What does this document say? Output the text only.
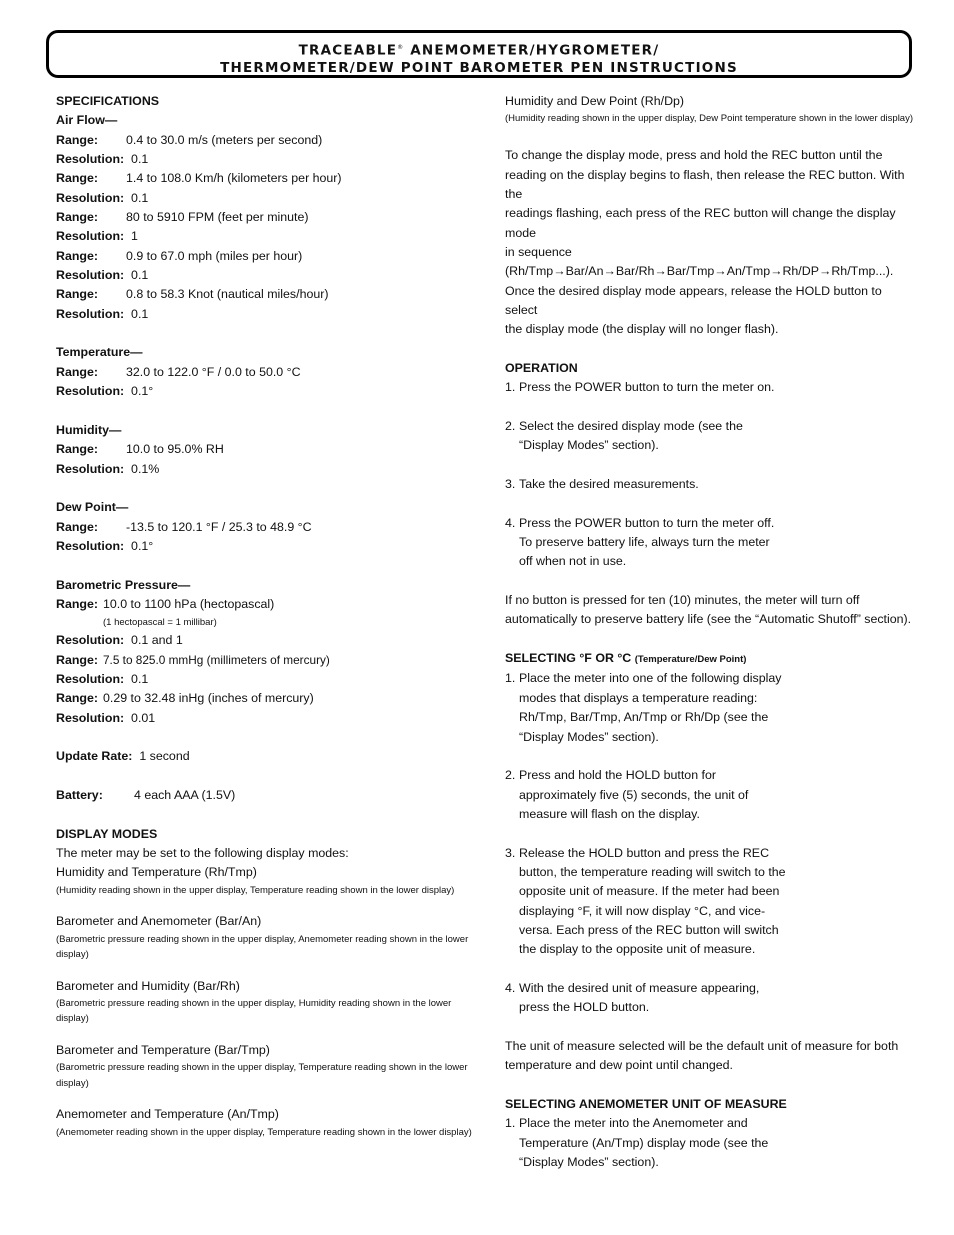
TRACEABLE® ANEMOMETER/HYGROMETER/
THERMOMETER/DEW POINT BAROMETER PEN INSTRUCTIONS
SPECIFICATIONS
Air Flow—
Range: 0.4 to 30.0 m/s (meters per second)
Resolution: 0.1
Range: 1.4 to 108.0 Km/h (kilometers per hour)
Resolution: 0.1
Range: 80 to 5910 FPM (feet per minute)
Resolution: 1
Range: 0.9 to 67.0 mph (miles per hour)
Resolution: 0.1
Range: 0.8 to 58.3 Knot (nautical miles/hour)
Resolution: 0.1
Temperature—
Range: 32.0 to 122.0 °F / 0.0 to 50.0 °C
Resolution: 0.1°
Humidity—
Range: 10.0 to 95.0% RH
Resolution: 0.1%
Dew Point—
Range: -13.5 to 120.1 °F / 25.3 to 48.9 °C
Resolution: 0.1°
Barometric Pressure—
Range: 10.0 to 1100 hPa (hectopascal)
(1 hectopascal = 1 millibar)
Resolution: 0.1 and 1
Range: 7.5 to 825.0 mmHg (millimeters of mercury)
Resolution: 0.1
Range: 0.29 to 32.48 inHg (inches of mercury)
Resolution: 0.01
Update Rate: 1 second
Battery:	4 each AAA (1.5V)
DISPLAY MODES
The meter may be set to the following display modes:
Humidity and Temperature (Rh/Tmp)
(Humidity reading shown in the upper display, Temperature reading shown in the lower display)
Barometer and Anemometer (Bar/An)
(Barometric pressure reading shown in the upper display, Anemometer reading shown in the lower display)
Barometer and Humidity (Bar/Rh)
(Barometric pressure reading shown in the upper display, Humidity reading shown in the lower display)
Barometer and Temperature (Bar/Tmp)
(Barometric pressure reading shown in the upper display, Temperature reading shown in the lower display)
Anemometer and Temperature (An/Tmp)
(Anemometer reading shown in the upper display, Temperature reading shown in the lower display)
Humidity and Dew Point (Rh/Dp)
(Humidity reading shown in the upper display, Dew Point temperature shown in the lower display)
To change the display mode, press and hold the REC button until the
reading on the display begins to flash, then release the REC button. With the
readings flashing, each press of the REC button will change the display mode
in sequence
(Rh/Tmp→Bar/An→Bar/Rh→Bar/Tmp→An/Tmp→Rh/DP→Rh/Tmp...).
Once the desired display mode appears, release the HOLD button to select
the display mode (the display will no longer flash).
OPERATION
1. Press the POWER button to turn the meter on.
2. Select the desired display mode (see the
“Display Modes” section).
3. Take the desired measurements.
4. Press the POWER button to turn the meter off.
To preserve battery life, always turn the meter
off when not in use.
If no button is pressed for ten (10) minutes, the meter will turn off
automatically to preserve battery life (see the “Automatic Shutoff” section).
SELECTING °F OR °C (Temperature/Dew Point)
1. Place the meter into one of the following display
modes that displays a temperature reading:
Rh/Tmp, Bar/Tmp, An/Tmp or Rh/Dp (see the
“Display Modes” section).
2. Press and hold the HOLD button for
approximately five (5) seconds, the unit of
measure will flash on the display.
3. Release the HOLD button and press the REC
button, the temperature reading will switch to the
opposite unit of measure. If the meter had been
displaying °F, it will now display °C, and vice-
versa. Each press of the REC button will switch
the display to the opposite unit of measure.
4. With the desired unit of measure appearing,
press the HOLD button.
The unit of measure selected will be the default unit of measure for both
temperature and dew point until changed.
SELECTING ANEMOMETER UNIT OF MEASURE
1. Place the meter into the Anemometer and
Temperature (An/Tmp) display mode (see the
“Display Modes” section).
